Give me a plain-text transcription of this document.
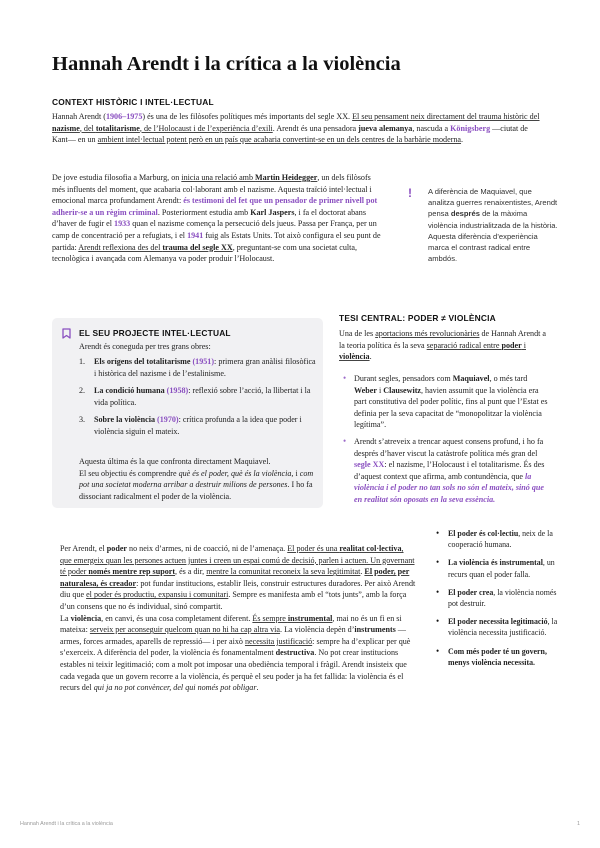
Hannah Arendt i la crítica a la violència
CONTEXT HISTÒRIC I INTEL·LECTUAL

Hannah Arendt (1906–1975) és una de les filòsofes polítiques més importants del segle XX. El seu pensament neix directament del trauma històric del nazisme, del totalitarisme, de l’Holocaust i de l’experiència d’exili. Arendt és una pensadora jueva alemanya, nascuda a Königsberg —ciutat de Kant— en un ambient intel·lectual potent però en un país que acabaria convertint-se en un dels centres de la barbàrie moderna.

De jove estudia filosofia a Marburg, on inicia una relació amb Martin Heidegger, un dels filòsofs més influents del moment, que acabaria col·laborant amb el nazisme. Aquesta traïció intel·lectual i emocional marca profundament Arendt: és testimoni del fet que un pensador de primer nivell pot adherir-se a un règim criminal. Posteriorment estudia amb Karl Jaspers, i fa el doctorat abans d’haver de fugir el 1933 quan el nazisme comença la persecució dels jueus. Passa per França, per un camp de concentració per a refugiats, i el 1941 fuig als Estats Units. Tot això configura el seu punt de partida: Arendt reflexiona des del trauma del segle XX, preguntant-se com una societat culta, tecnològica i avançada com Alemanya va poder produir l’Holocaust.

! A diferència de Maquiavel, que analitza guerres renaixentistes, Arendt pensa després de la màxima violència industrialitzada de la història. Aquesta diferència d’experiència marca el contrast radical entre ambdós.

EL SEU PROJECTE INTEL·LECTUAL

Arendt és coneguda per tres grans obres:

1. Els orígens del totalitarisme (1951): primera gran anàlisi filosòfica i històrica del nazisme i de l’estalinisme.
2. La condició humana (1958): reflexió sobre l’acció, la llibertat i la vida política.
3. Sobre la violència (1970): crítica profunda a la idea que poder i violència siguin el mateix.

Aquesta última és la que confronta directament Maquiavel.
El seu objectiu és comprendre què és el poder, què és la violència, i com pot una societat moderna arribar a destruir milions de persones. I ho fa dissociant radicalment el poder de la violència.

TESI CENTRAL: PODER ≠ VIOLÈNCIA

Una de les aportacions més revolucionàries de Hannah Arendt a la teoria política és la seva separació radical entre poder i violència.

• Durant segles, pensadors com Maquiavel, o més tard Weber i Clausewitz, havien assumit que la violència era part constitutiva del poder polític, fins al punt que l’Estat es definia per la seva capacitat de “monopolitzar la violència legítima”.
• Arendt s’atreveix a trencar aquest consens profund, i ho fa després d’haver viscut la catàstrofe política més gran del segle XX: el nazisme, l’Holocaust i el totalitarisme. És des d’aquest context que afirma, amb contundència, que la violència i el poder no tan sols no són el mateix, sinó que en realitat són oposats en la seva essència.

Per Arendt, el poder no neix d’armes, ni de coacció, ni de l’amenaça. El poder és una realitat col·lectiva, que emergeix quan les persones actuen juntes i creen un espai comú de decisió, parlen i actuen. Un governant té poder només mentre rep suport, és a dir, mentre la comunitat reconeix la seva legitimitat. El poder, per naturalesa, és creador: pot fundar institucions, establir lleis, construir estructures duradores. Per això Arendt diu que el poder és productiu, expansiu i comunitari. Sempre es manifesta amb el “tots junts”, amb la força d’un consens que no és individual, sinó compartit.
La violència, en canvi, és una cosa completament diferent. És sempre instrumental, mai no és un fi en si mateixa: serveix per aconseguir quelcom quan no hi ha cap altra via. La violència depèn d’instruments —armes, forces armades, aparells de repressió— i per això necessita justificació: sempre ha d’explicar per què s’exerceix. A diferència del poder, la violència és fonamentalment destructiva. No pot crear institucions estables ni teixir legitimació; com a molt pot imposar una obediència temporal i fràgil. Arendt insisteix que cada vegada que un govern recorre a la violència, és perquè el seu poder ja ha fet fallida: la violència és el recurs del qui ja no pot convèncer, del qui només pot obligar.

• El poder és col·lectiu, neix de la cooperació humana.
• La violència és instrumental, un recurs quan el poder falla.
• El poder crea, la violència només pot destruir.
• El poder necessita legitimació, la violència necessita justificació.
• Com més poder té un govern, menys violència necessita.
Hannah Arendt i la crítica a la violència	1
